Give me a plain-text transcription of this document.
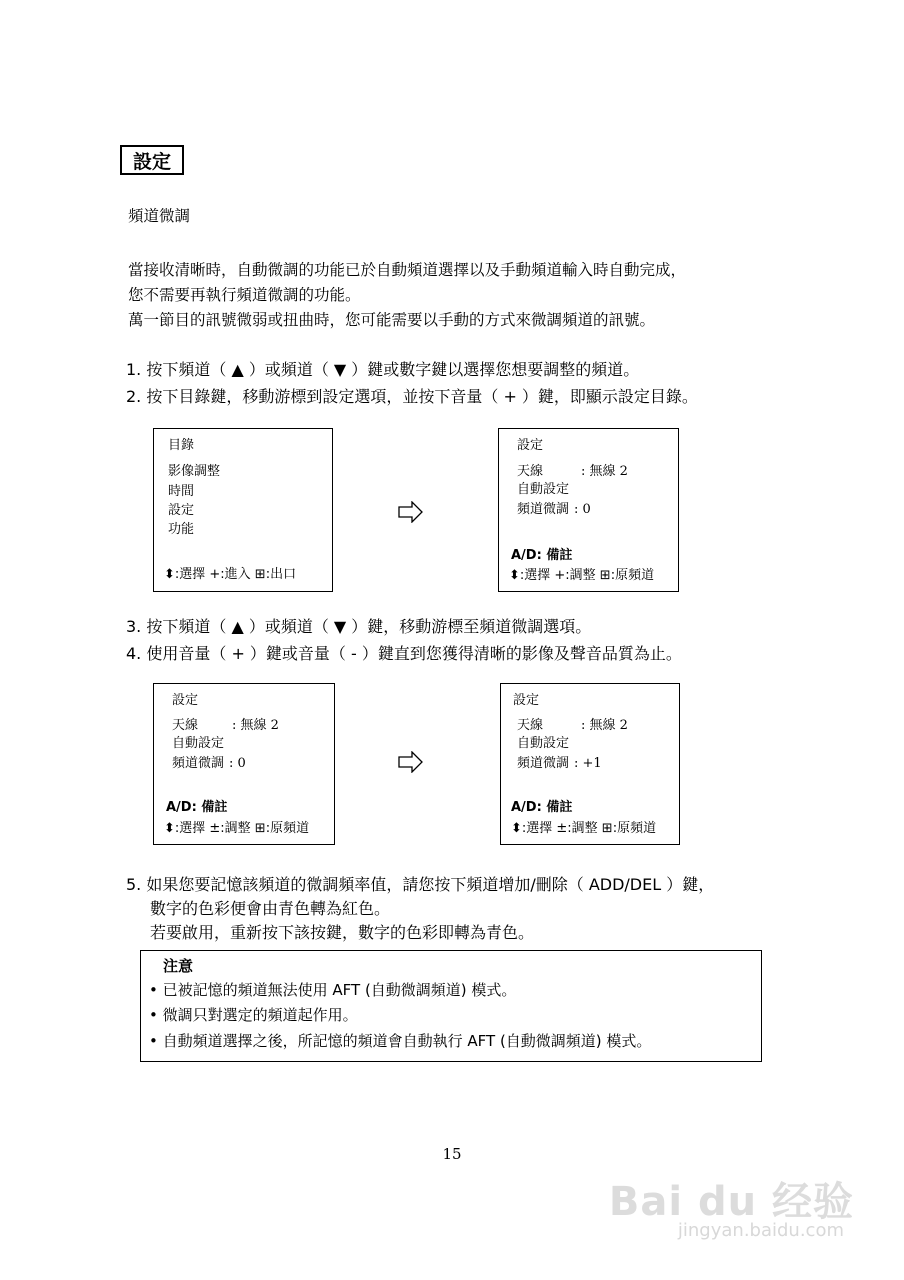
設定
頻道微調
當接收清晰時，自動微調的功能已於自動頻道選擇以及手動頻道輸入時自動完成，
您不需要再執行頻道微調的功能。
萬一節目的訊號微弱或扭曲時，您可能需要以手動的方式來微調頻道的訊號。
1. 按下頻道（ ▲ ）或頻道（ ▼ ）鍵或數字鍵以選擇您想要調整的頻道。
2. 按下目錄鍵，移動游標到設定選項，並按下音量（ + ）鍵，即顯示設定目錄。
目錄
影像調整
時間
設定
功能
⬍:選擇 +:進入 ⊞:出口
設定
天線	: 無線 2
自動設定
頻道微調 : 0
A/D: 備註
⬍:選擇 +:調整 ⊞:原頻道
3. 按下頻道（ ▲ ）或頻道（ ▼ ）鍵，移動游標至頻道微調選項。
4. 使用音量（ + ）鍵或音量（ - ）鍵直到您獲得清晰的影像及聲音品質為止。
設定
天線	: 無線 2
自動設定
頻道微調 : 0
A/D: 備註
⬍:選擇 ±:調整 ⊞:原頻道
設定
天線	: 無線 2
自動設定
頻道微調 : +1
A/D: 備註
⬍:選擇 ±:調整 ⊞:原頻道
5. 如果您要記憶該頻道的微調頻率值，請您按下頻道增加/刪除（ ADD/DEL ）鍵，
數字的色彩便會由青色轉為紅色。
若要啟用，重新按下該按鍵，數字的色彩即轉為青色。
注意
• 已被記憶的頻道無法使用 AFT (自動微調頻道) 模式。
• 微調只對選定的頻道起作用。
• 自動頻道選擇之後，所記憶的頻道會自動執行 AFT (自動微調頻道) 模式。
15
Bai du 经验
jingyan.baidu.com
